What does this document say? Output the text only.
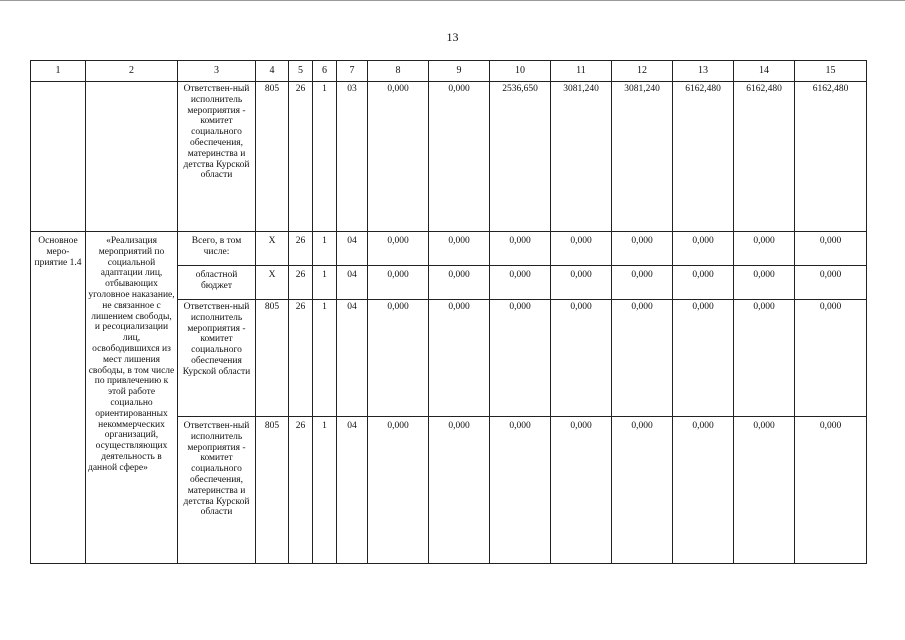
13
1	2	3	4	5	6	7	8	9	10	11	12	13	14	15
		Ответствен-ный исполнитель мероприятия - комитет социального обеспечения, материнства и детства Курской области	805	26	1	03	0,000	0,000	2536,650	3081,240	3081,240	6162,480	6162,480	6162,480
Основное меро-приятие 1.4	«Реализация мероприятий по социальной адаптации лиц, отбывающих уголовное наказание, не связанное с лишением свободы, и ресоциализации лиц, освободившихся из мест лишения свободы, в том числе по привлечению к этой работе социально ориентированных некоммерческих организаций, осуществляющих деятельность в данной сфере»	Всего, в том числе:	Х	26	1	04	0,000	0,000	0,000	0,000	0,000	0,000	0,000	0,000
		областной бюджет	Х	26	1	04	0,000	0,000	0,000	0,000	0,000	0,000	0,000	0,000
		Ответствен-ный исполнитель мероприятия - комитет социального обеспечения Курской области	805	26	1	04	0,000	0,000	0,000	0,000	0,000	0,000	0,000	0,000
		Ответствен-ный исполнитель мероприятия - комитет социального обеспечения, материнства и детства Курской области	805	26	1	04	0,000	0,000	0,000	0,000	0,000	0,000	0,000	0,000
